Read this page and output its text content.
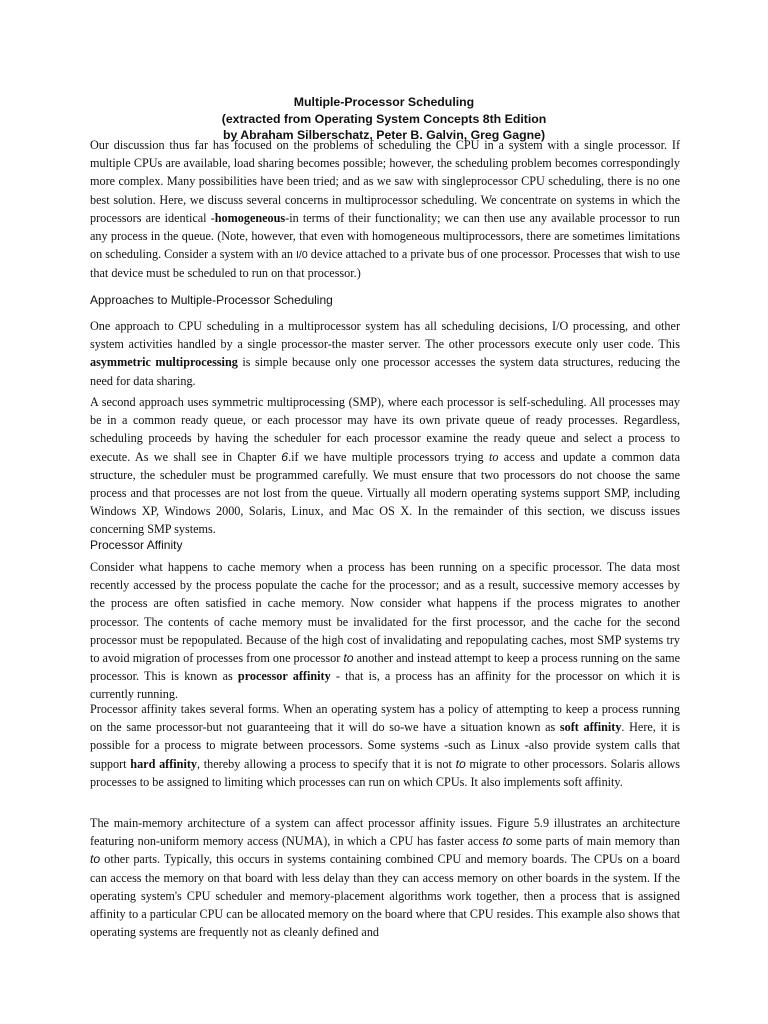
Multiple-Processor Scheduling
(extracted from Operating System Concepts 8th Edition
by Abraham Silberschatz, Peter B. Galvin, Greg Gagne)

Our discussion thus far has focused on the problems of scheduling the CPU in a system with a single processor. If multiple CPUs are available, load sharing becomes possible; however, the scheduling problem becomes correspondingly more complex. Many possibilities have been tried; and as we saw with singleprocessor CPU scheduling, there is no one best solution. Here, we discuss several concerns in multiprocessor scheduling. We concentrate on systems in which the processors are identical -homogeneous-in terms of their functionality; we can then use any available processor to run any process in the queue. (Note, however, that even with homogeneous multiprocessors, there are sometimes limitations on scheduling. Consider a system with an I/0 device attached to a private bus of one processor. Processes that wish to use that device must be scheduled to run on that processor.)

Approaches to Multiple-Processor Scheduling

One approach to CPU scheduling in a multiprocessor system has all scheduling decisions, I/O processing, and other system activities handled by a single processor-the master server. The other processors execute only user code. This asymmetric multiprocessing is simple because only one processor accesses the system data structures, reducing the need for data sharing.

A second approach uses symmetric multiprocessing (SMP), where each processor is self-scheduling. All processes may be in a common ready queue, or each processor may have its own private queue of ready processes. Regardless, scheduling proceeds by having the scheduler for each processor examine the ready queue and select a process to execute. As we shall see in Chapter 6.if we have multiple processors trying to access and update a common data structure, the scheduler must be programmed carefully. We must ensure that two processors do not choose the same process and that processes are not lost from the queue. Virtually all modern operating systems support SMP, including Windows XP, Windows 2000, Solaris, Linux, and Mac OS X. In the remainder of this section, we discuss issues concerning SMP systems.

Processor Affinity

Consider what happens to cache memory when a process has been running on a specific processor. The data most recently accessed by the process populate the cache for the processor; and as a result, successive memory accesses by the process are often satisfied in cache memory. Now consider what happens if the process migrates to another processor. The contents of cache memory must be invalidated for the first processor, and the cache for the second processor must be repopulated. Because of the high cost of invalidating and repopulating caches, most SMP systems try to avoid migration of processes from one processor to another and instead attempt to keep a process running on the same processor. This is known as processor affinity - that is, a process has an affinity for the processor on which it is currently running.

Processor affinity takes several forms. When an operating system has a policy of attempting to keep a process running on the same processor-but not guaranteeing that it will do so-we have a situation known as soft affinity. Here, it is possible for a process to migrate between processors. Some systems -such as Linux -also provide system calls that support hard affinity, thereby allowing a process to specify that it is not to migrate to other processors. Solaris allows processes to be assigned to limiting which processes can run on which CPUs. It also implements soft affinity.

The main-memory architecture of a system can affect processor affinity issues. Figure 5.9 illustrates an architecture featuring non-uniform memory access (NUMA), in which a CPU has faster access to some parts of main memory than to other parts. Typically, this occurs in systems containing combined CPU and memory boards. The CPUs on a board can access the memory on that board with less delay than they can access memory on other boards in the system. If the operating system's CPU scheduler and memory-placement algorithms work together, then a process that is assigned affinity to a particular CPU can be allocated memory on the board where that CPU resides. This example also shows that operating systems are frequently not as cleanly defined and
